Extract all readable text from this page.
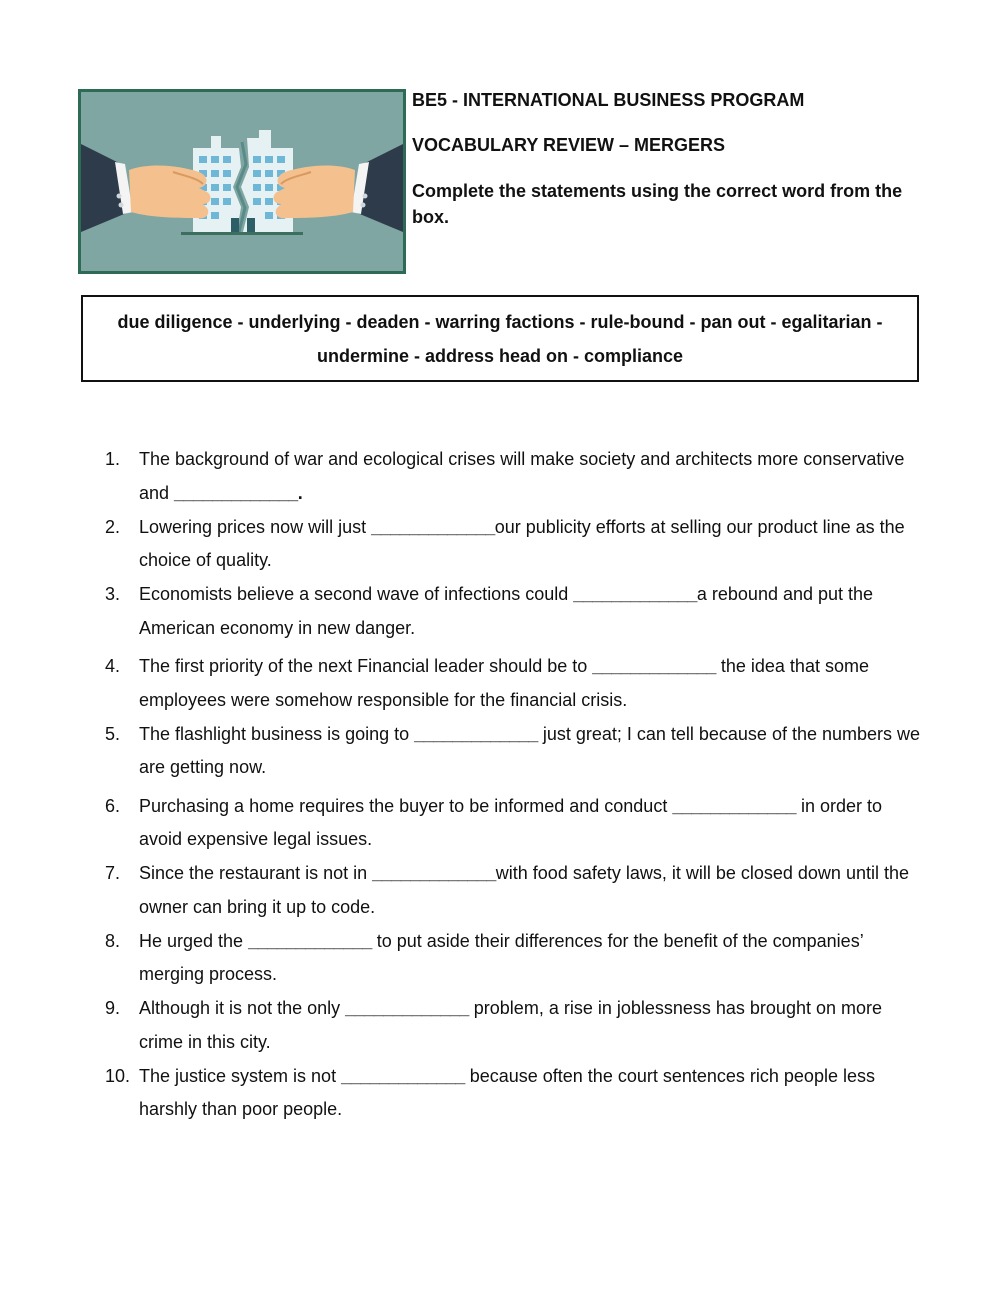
BE5 - INTERNATIONAL BUSINESS PROGRAM

VOCABULARY REVIEW – MERGERS

Complete the statements using the correct word from the box.

due diligence - underlying - deaden - warring factions - rule-bound - pan out - egalitarian - undermine - address head on - compliance

1.	The background of war and ecological crises will make society and architects more conservative and _____________.
2.	Lowering prices now will just _____________our publicity efforts at selling our product line as the choice of quality.
3.	Economists believe a second wave of infections could _____________a rebound and put the American economy in new danger.
4.	The first priority of the next Financial leader should be to _____________ the idea that some employees were somehow responsible for the financial crisis.
5.	The flashlight business is going to _____________ just great; I can tell because of the numbers we are getting now.
6.	Purchasing a home requires the buyer to be informed and conduct _____________ in order to avoid expensive legal issues.
7.	Since the restaurant is not in _____________with food safety laws, it will be closed down until the owner can bring it up to code.
8.	He urged the _____________ to put aside their differences for the benefit of the companies’ merging process.
9.	Although it is not the only _____________ problem, a rise in joblessness has brought on more crime in this city.
10. The justice system is not _____________ because often the court sentences rich people less harshly than poor people.
